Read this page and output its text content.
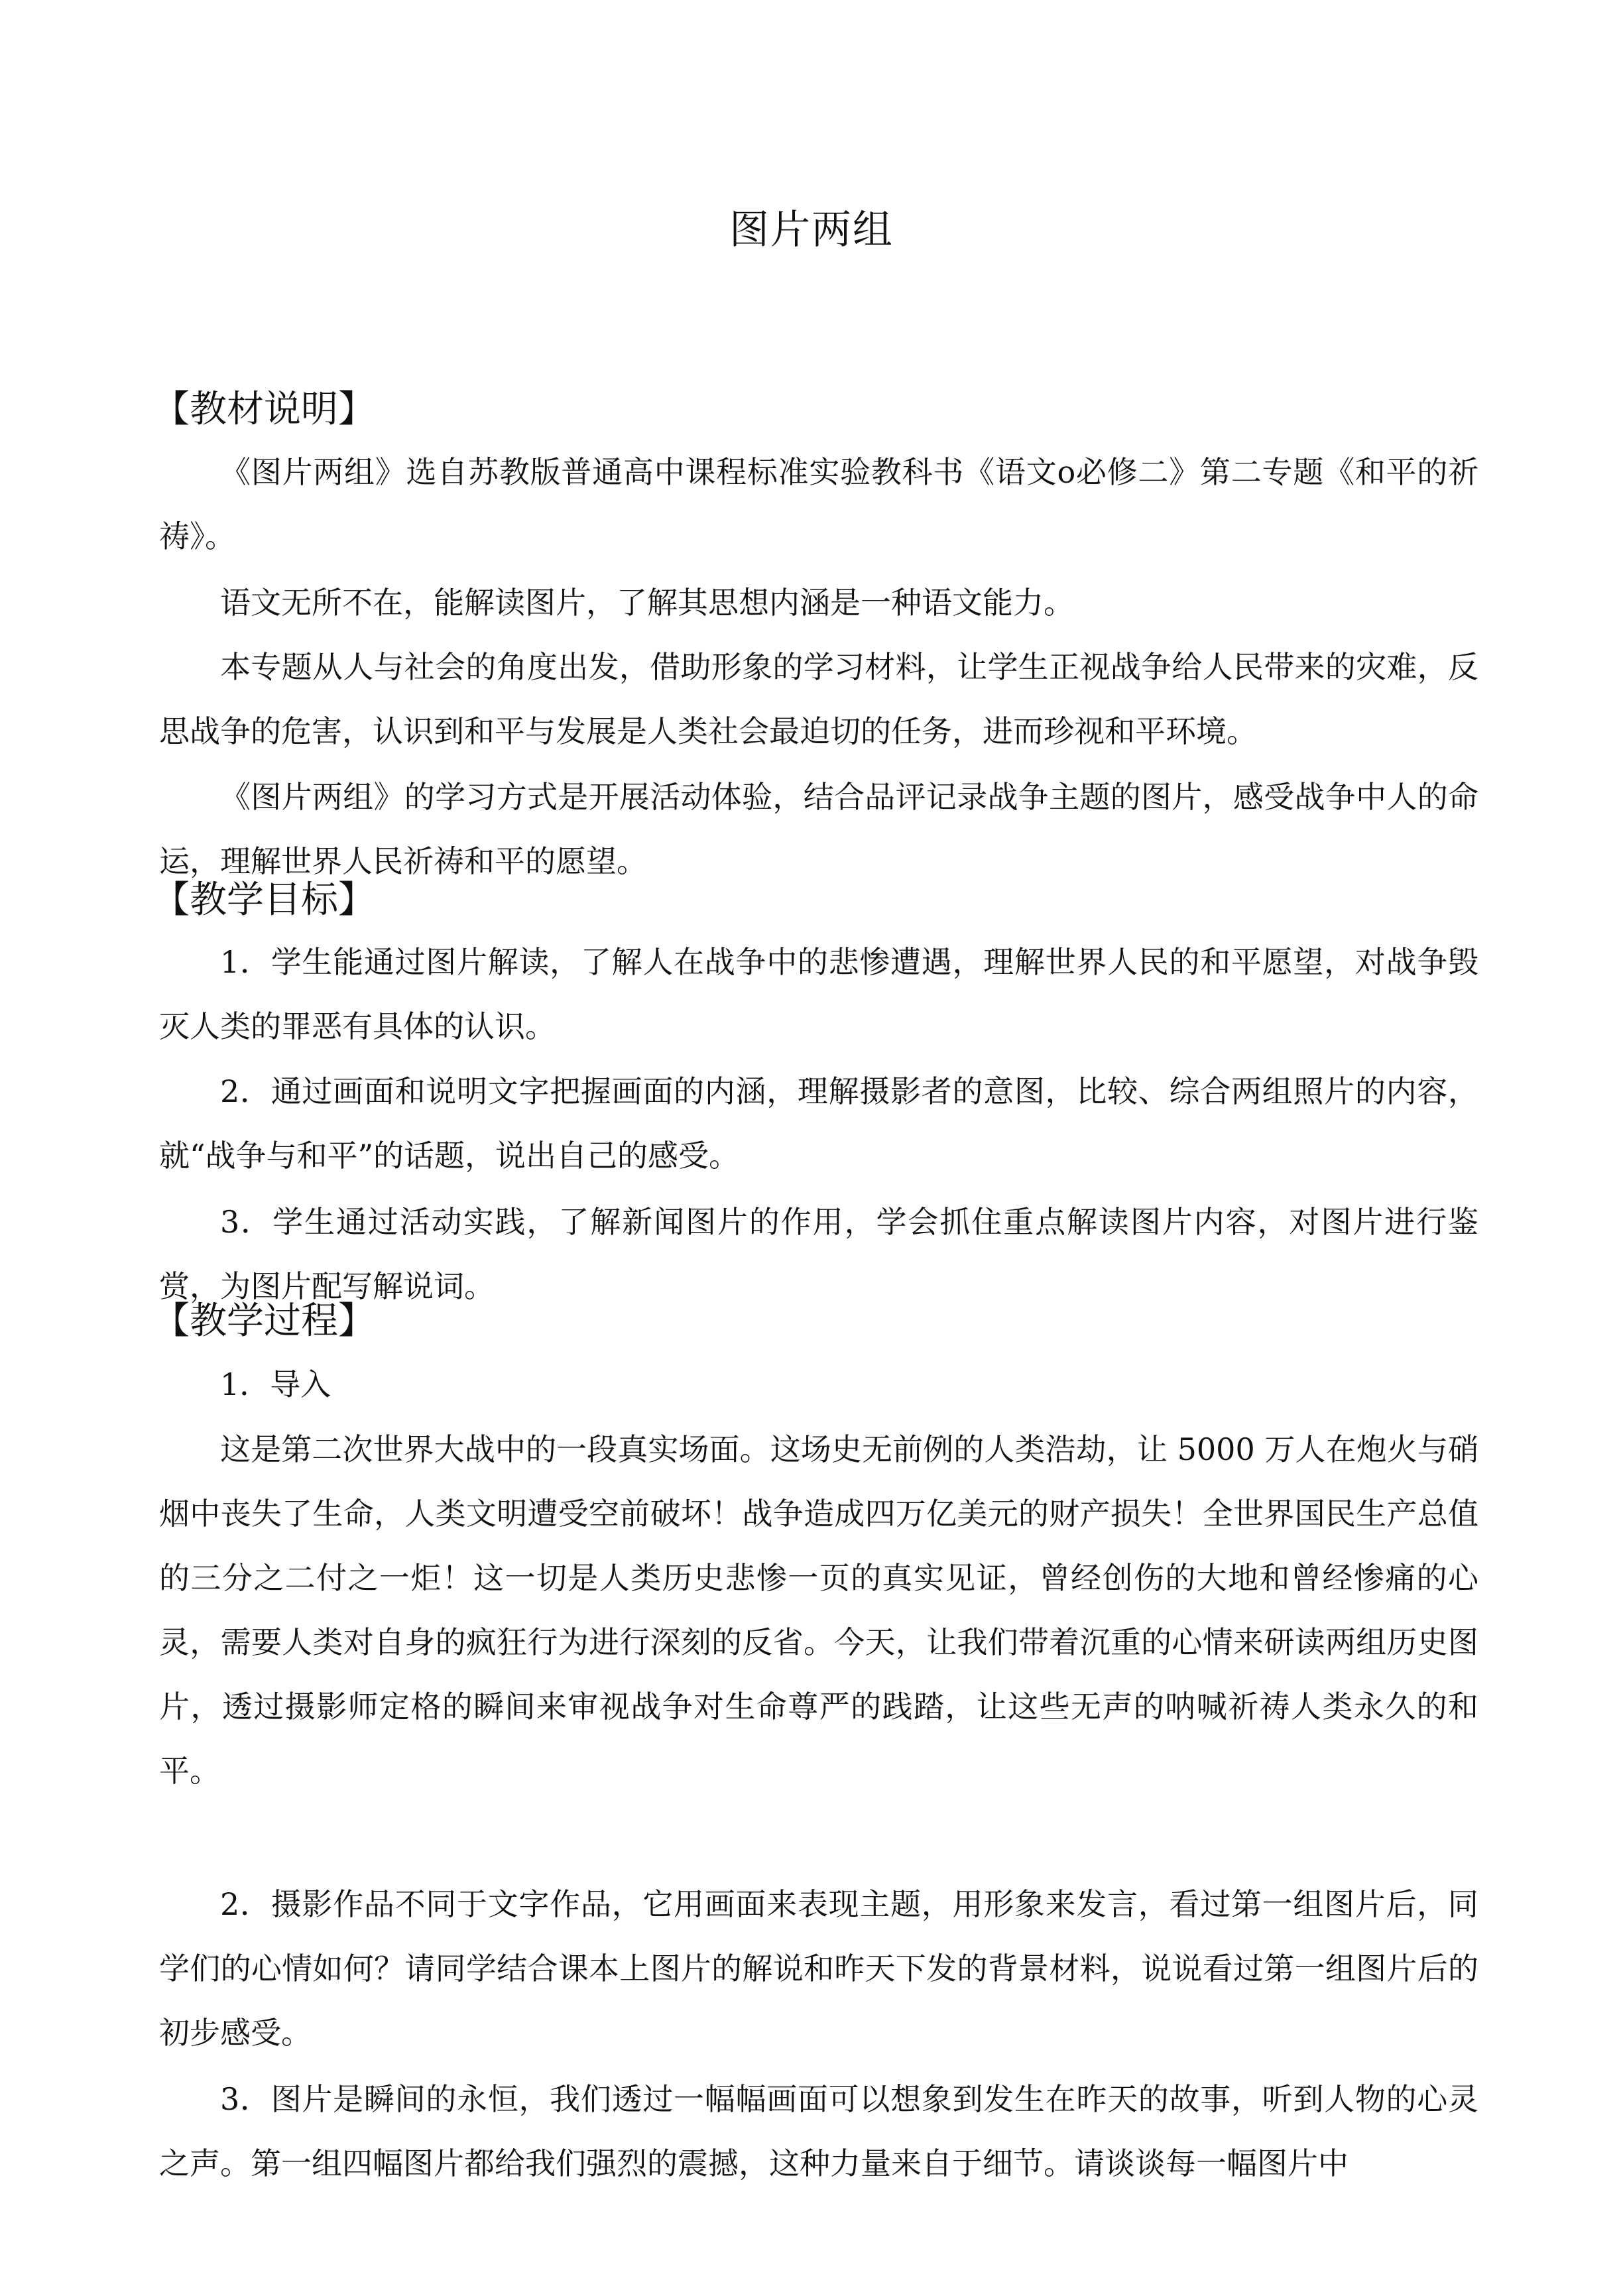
图片两组
【教材说明】

《图片两组》选自苏教版普通高中课程标准实验教科书《语文ο必修二》第二专题《和平的祈祷》。

语文无所不在，能解读图片，了解其思想内涵是一种语文能力。

本专题从人与社会的角度出发，借助形象的学习材料，让学生正视战争给人民带来的灾难，反思战争的危害，认识到和平与发展是人类社会最迫切的任务，进而珍视和平环境。

《图片两组》的学习方式是开展活动体验，结合品评记录战争主题的图片，感受战争中人的命运，理解世界人民祈祷和平的愿望。

【教学目标】

1．学生能通过图片解读，了解人在战争中的悲惨遭遇，理解世界人民的和平愿望，对战争毁灭人类的罪恶有具体的认识。

2．通过画面和说明文字把握画面的内涵，理解摄影者的意图，比较、综合两组照片的内容，就“战争与和平”的话题，说出自己的感受。

3．学生通过活动实践，了解新闻图片的作用，学会抓住重点解读图片内容，对图片进行鉴赏，为图片配写解说词。

【教学过程】

1．导入

这是第二次世界大战中的一段真实场面。这场史无前例的人类浩劫，让 5000 万人在炮火与硝烟中丧失了生命，人类文明遭受空前破坏！战争造成四万亿美元的财产损失！全世界国民生产总值的三分之二付之一炬！这一切是人类历史悲惨一页的真实见证，曾经创伤的大地和曾经惨痛的心灵，需要人类对自身的疯狂行为进行深刻的反省。今天，让我们带着沉重的心情来研读两组历史图片，透过摄影师定格的瞬间来审视战争对生命尊严的践踏，让这些无声的呐喊祈祷人类永久的和平。

2．摄影作品不同于文字作品，它用画面来表现主题，用形象来发言，看过第一组图片后，同学们的心情如何？请同学结合课本上图片的解说和昨天下发的背景材料，说说看过第一组图片后的初步感受。

3．图片是瞬间的永恒，我们透过一幅幅画面可以想象到发生在昨天的故事，听到人物的心灵之声。第一组四幅图片都给我们强烈的震撼，这种力量来自于细节。请谈谈每一幅图片中
